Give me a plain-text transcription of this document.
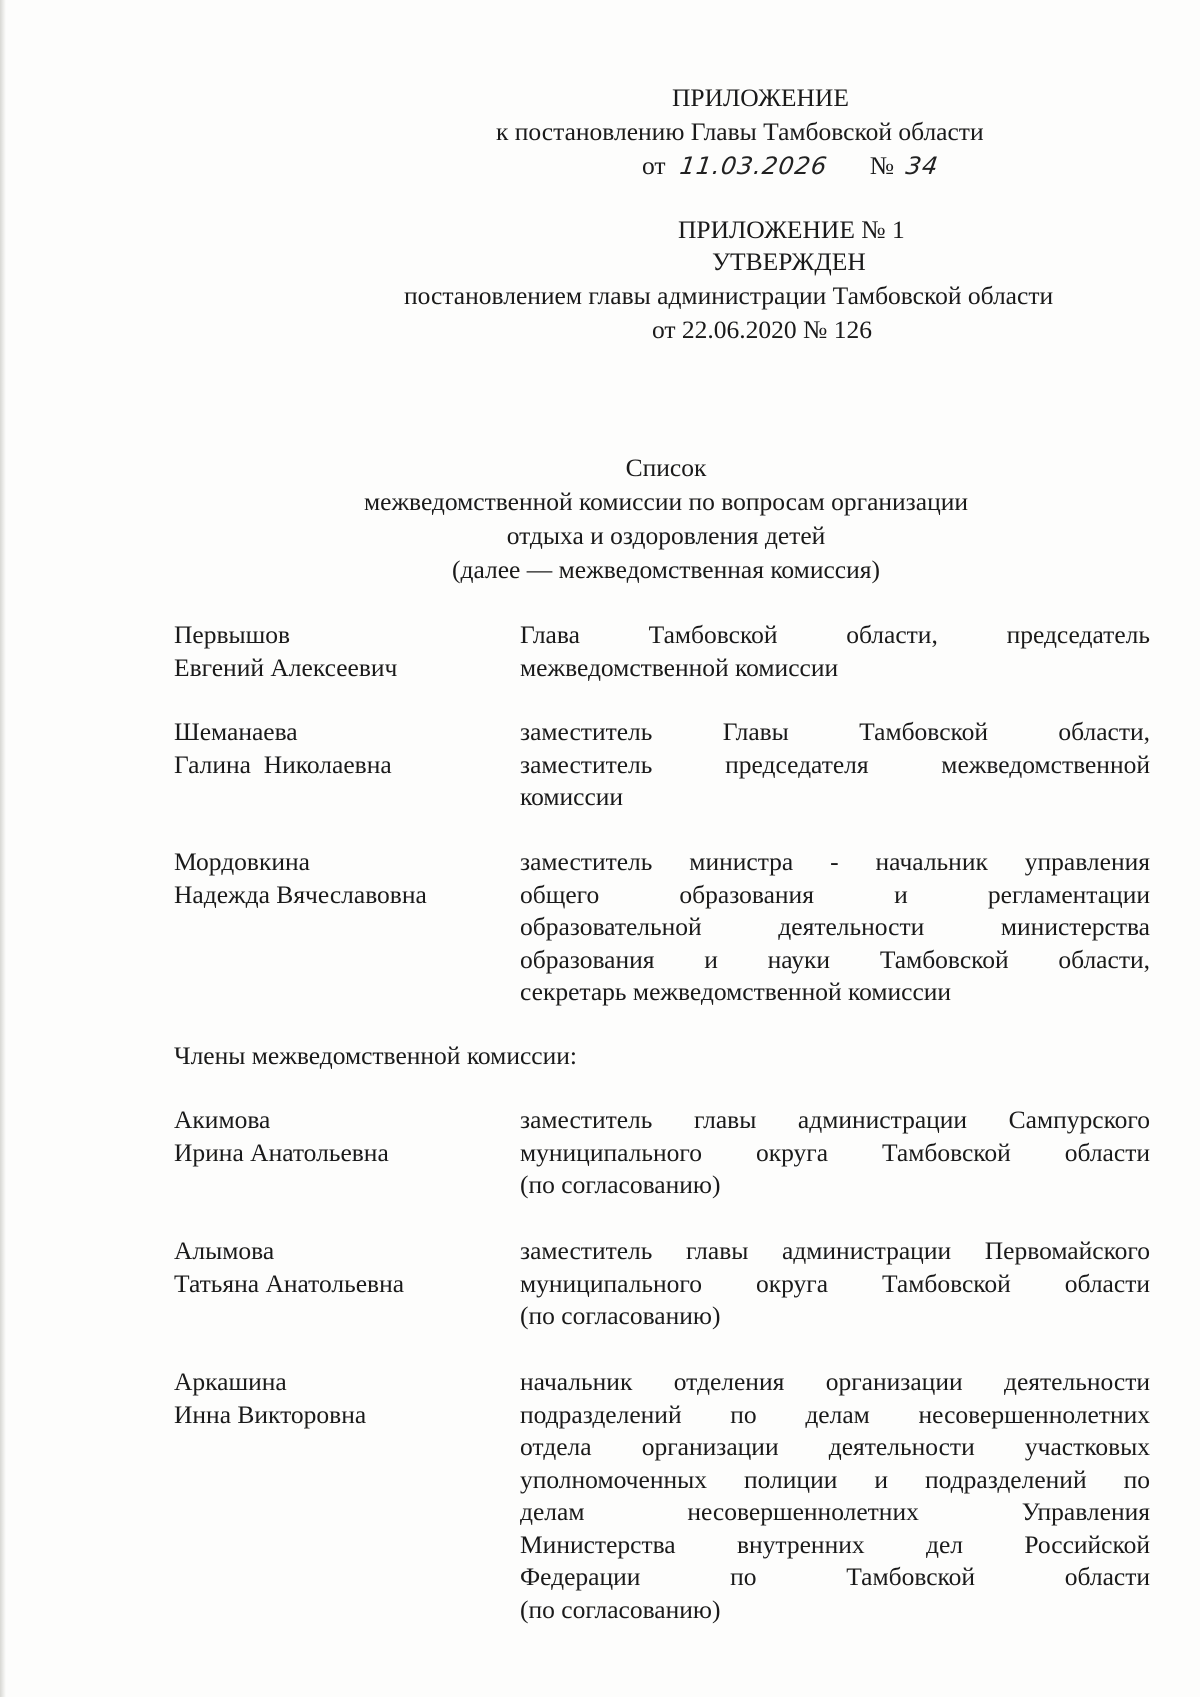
ПРИЛОЖЕНИЕ
к постановлению Главы Тамбовской области
от 11.03.2026 № 34
ПРИЛОЖЕНИЕ № 1
УТВЕРЖДЕН
постановлением главы администрации Тамбовской области
от 22.06.2020 № 126
Список
межведомственной комиссии по вопросам организации
отдыха и оздоровления детей
(далее — межведомственная комиссия)
Первышов
Евгений Алексеевич
Глава Тамбовской области, председатель
межведомственной комиссии
Шеманаева
Галина  Николаевна
заместитель Главы Тамбовской области,
заместитель председателя межведомственной
комиссии
Мордовкина
Надежда Вячеславовна
заместитель министра - начальник управления
общего образования и регламентации
образовательной деятельности министерства
образования и науки Тамбовской области,
секретарь межведомственной комиссии
Члены межведомственной комиссии:
Акимова
Ирина Анатольевна
заместитель главы администрации Сампурского
муниципального округа Тамбовской области
(по согласованию)
Алымова
Татьяна Анатольевна
заместитель главы администрации Первомайского
муниципального округа Тамбовской области
(по согласованию)
Аркашина
Инна Викторовна
начальник отделения организации деятельности
подразделений по делам несовершеннолетних
отдела организации деятельности участковых
уполномоченных полиции и подразделений по
делам несовершеннолетних Управления
Министерства внутренних дел Российской
Федерации по Тамбовской области
(по согласованию)
